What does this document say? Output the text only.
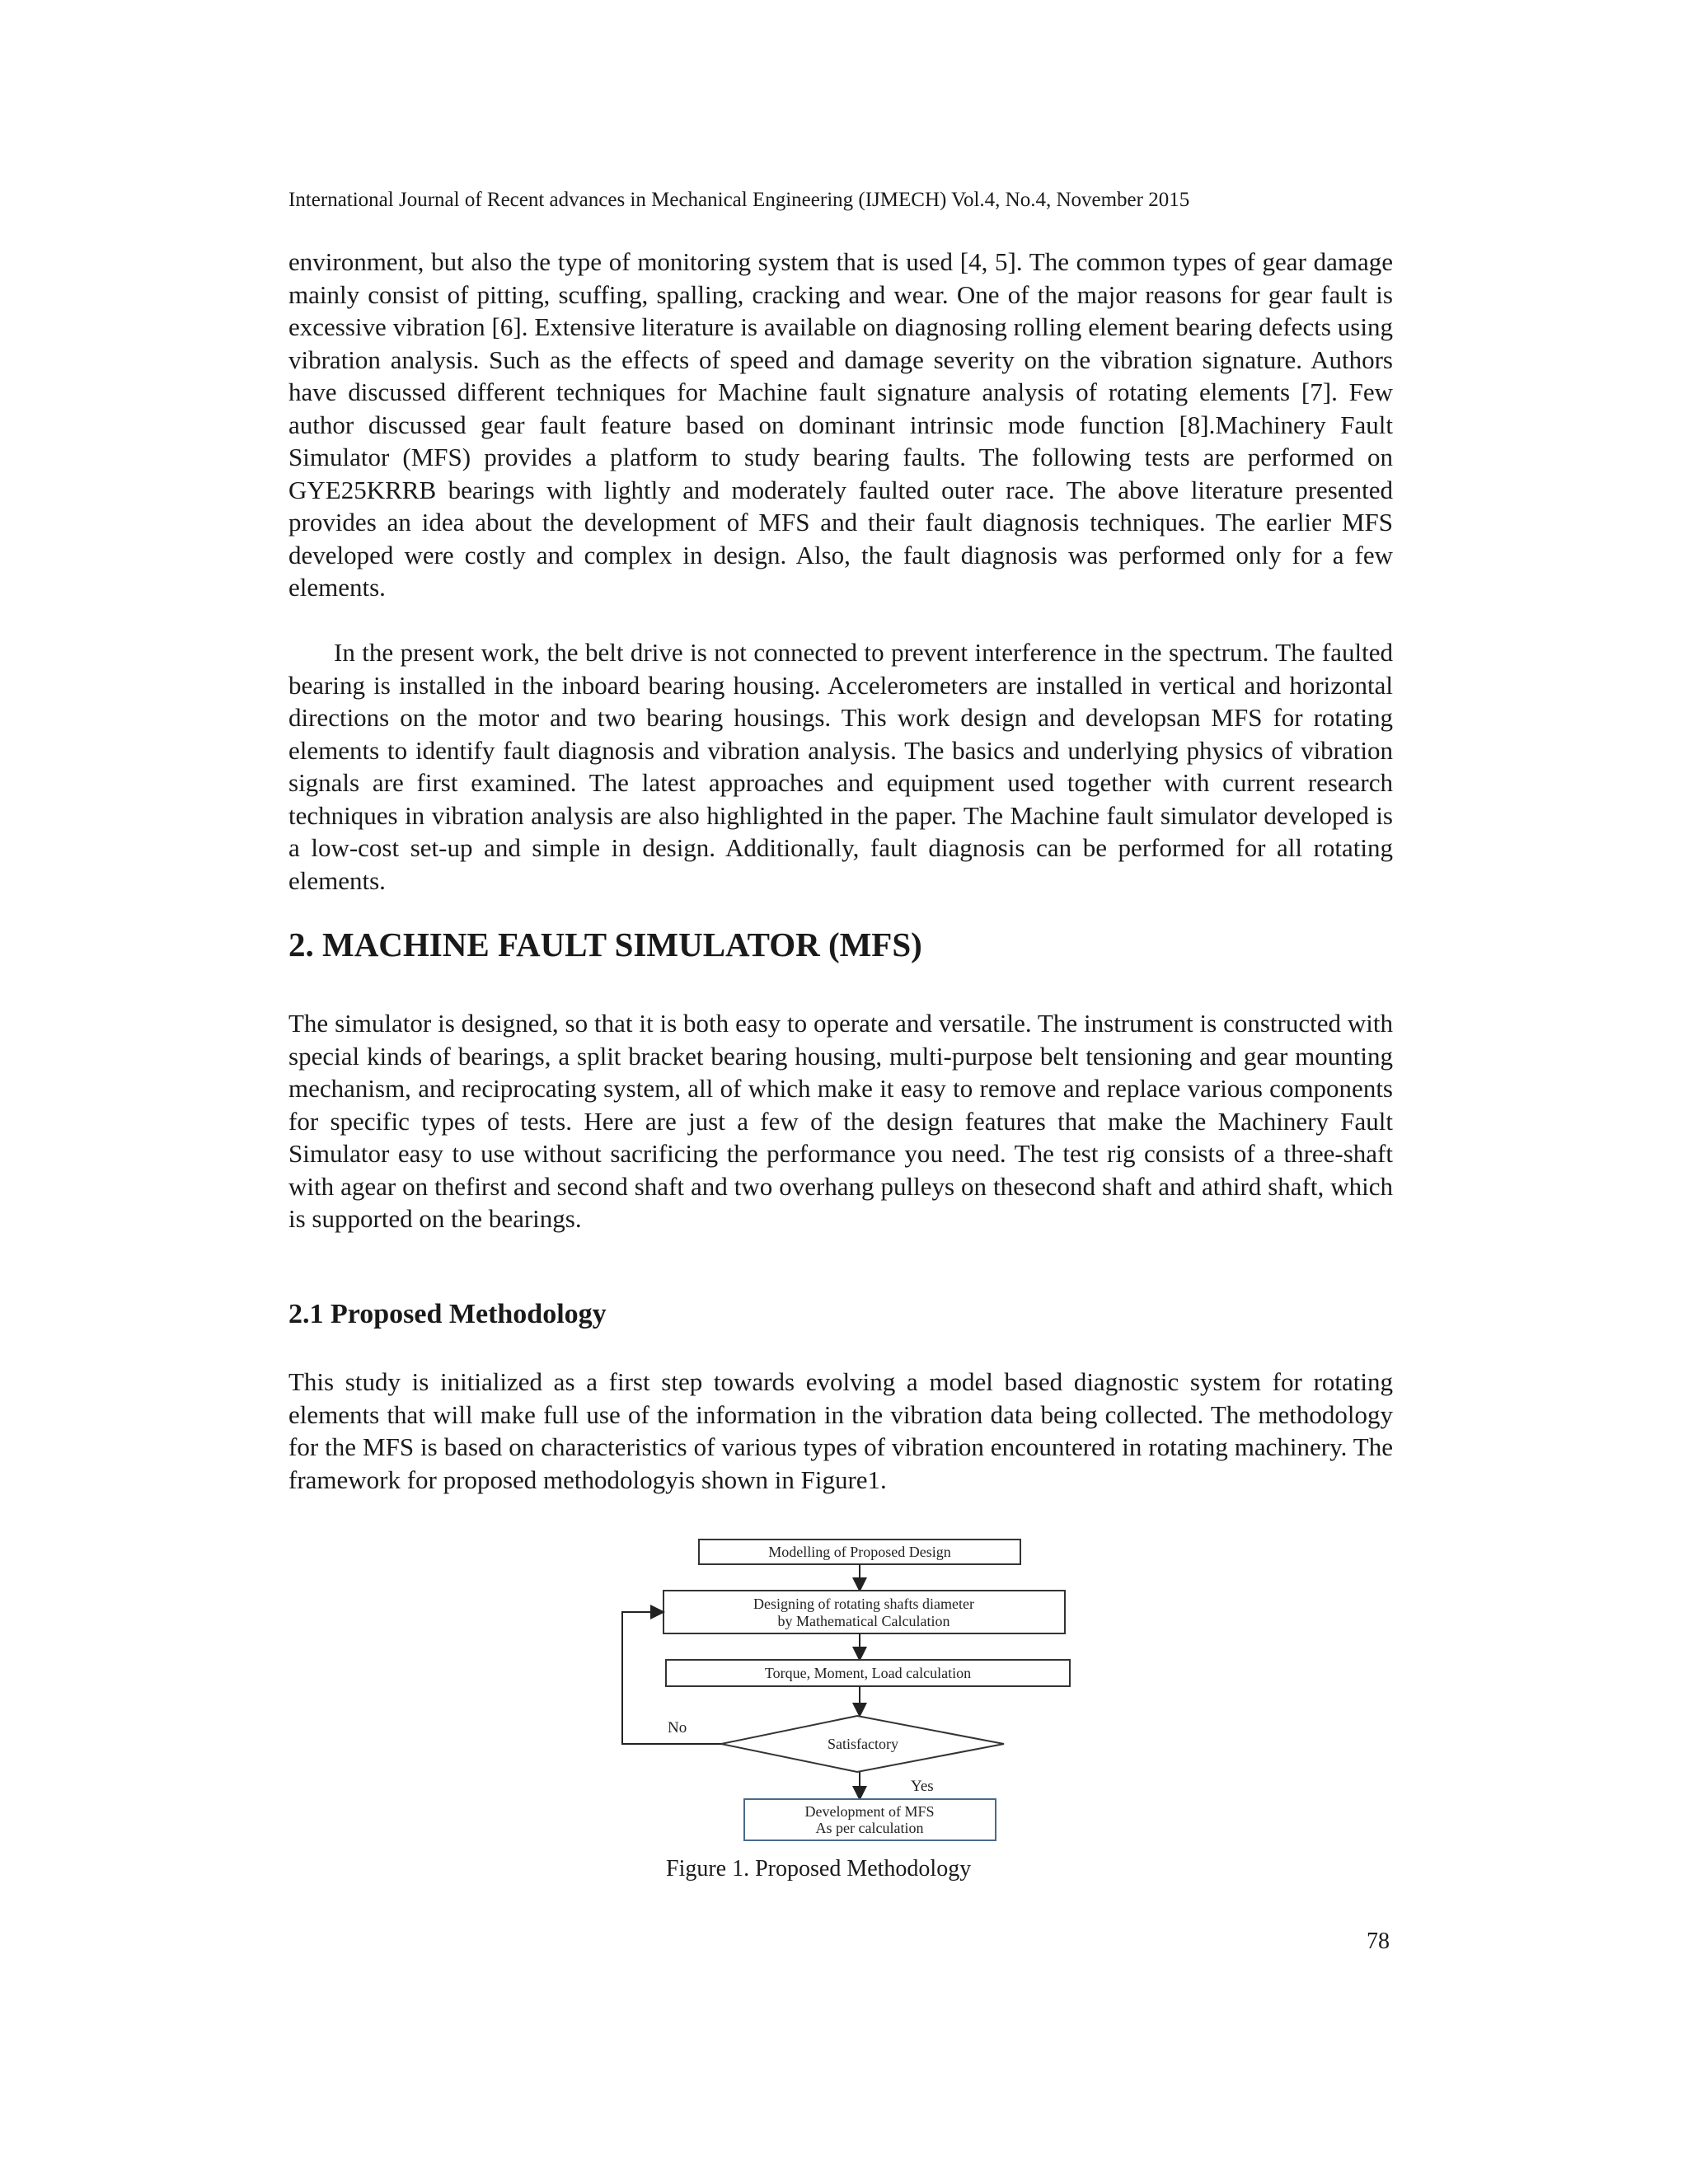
International Journal of Recent advances in Mechanical Engineering (IJMECH) Vol.4, No.4, November 2015

environment, but also the type of monitoring system that is used [4, 5]. The common types of gear damage mainly consist of pitting, scuffing, spalling, cracking and wear. One of the major reasons for gear fault is excessive vibration [6]. Extensive literature is available on diagnosing rolling element bearing defects using vibration analysis. Such as the effects of speed and damage severity on the vibration signature. Authors have discussed different techniques for Machine fault signature analysis of rotating elements [7]. Few author discussed gear fault feature based on dominant intrinsic mode function [8].Machinery Fault Simulator (MFS) provides a platform to study bearing faults. The following tests are performed on GYE25KRRB bearings with lightly and moderately faulted outer race. The above literature presented provides an idea about the development of MFS and their fault diagnosis techniques. The earlier MFS developed were costly and complex in design. Also, the fault diagnosis was performed only for a few elements.

In the present work, the belt drive is not connected to prevent interference in the spectrum. The faulted bearing is installed in the inboard bearing housing. Accelerometers are installed in vertical and horizontal directions on the motor and two bearing housings. This work design and developsan MFS for rotating elements to identify fault diagnosis and vibration analysis. The basics and underlying physics of vibration signals are first examined. The latest approaches and equipment used together with current research techniques in vibration analysis are also highlighted in the paper. The Machine fault simulator developed is a low-cost set-up and simple in design. Additionally, fault diagnosis can be performed for all rotating elements.

2. MACHINE FAULT SIMULATOR (MFS)

The simulator is designed, so that it is both easy to operate and versatile. The instrument is constructed with special kinds of bearings, a split bracket bearing housing, multi-purpose belt tensioning and gear mounting mechanism, and reciprocating system, all of which make it easy to remove and replace various components for specific types of tests. Here are just a few of the design features that make the Machinery Fault Simulator easy to use without sacrificing the performance you need. The test rig consists of a three-shaft with agear on thefirst and second shaft and two overhang pulleys on thesecond shaft and athird shaft, which is supported on the bearings.

2.1 Proposed Methodology

This study is initialized as a first step towards evolving a model based diagnostic system for rotating elements that will make full use of the information in the vibration data being collected. The methodology for the MFS is based on characteristics of various types of vibration encountered in rotating machinery. The framework for proposed methodologyis shown in Figure1.

Modelling of Proposed Design
Designing of rotating shafts diameter
by Mathematical Calculation
Torque, Moment, Load calculation
Satisfactory
No
Yes
Development of MFS
As per calculation
Figure 1. Proposed Methodology
78
